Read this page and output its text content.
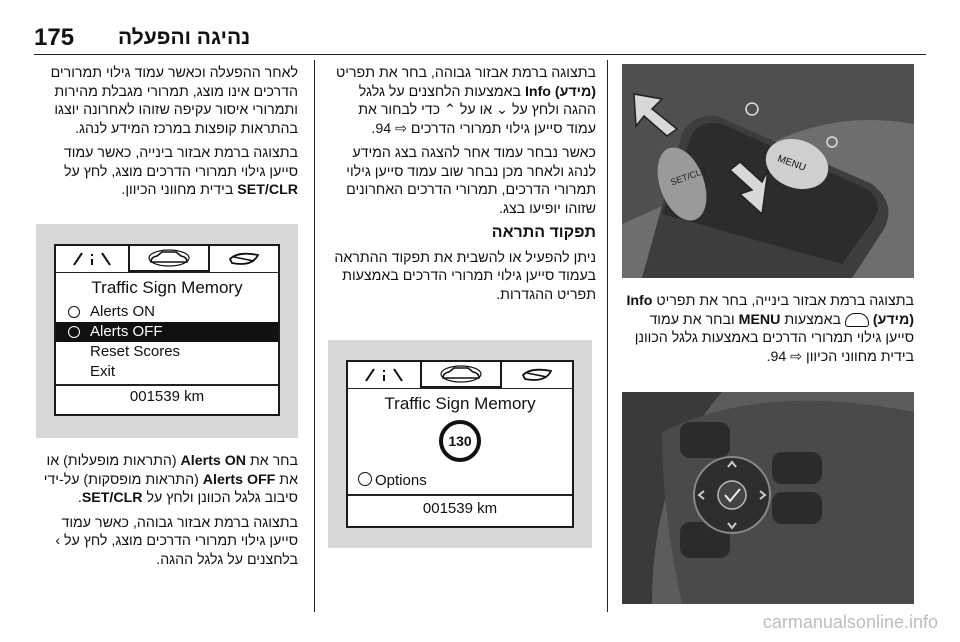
175 נהיגה והפעלה
SET/CLR
MENU

בתצוגה ברמת אבזור בינייה, בחר את תפריט Info (מידע)  באמצעות MENU ובחר את עמוד סייען גילוי תמרורי הדרכים באמצעות גלגל הכוונן בידית מחווני הכיוון ⇨ 94.

בתצוגה ברמת אבזור גבוהה, בחר את תפריט Info (מידע) באמצעות הלחצנים על גלגל ההגה ולחץ על ⌄ או על ⌃ כדי לבחור את עמוד סייען גילוי תמרורי הדרכים ⇨ 94.

כאשר נבחר עמוד אחר להצגה בצג המידע לנהג ולאחר מכן נבחר שוב עמוד סייען גילוי תמרורי הדרכים, תמרורי הדרכים האחרונים שזוהו יופיעו בצג.

תפקוד התראה

ניתן להפעיל או להשבית את תפקוד ההתראה בעמוד סייען גילוי תמרורי הדרכים באמצעות תפריט ההגדרות.

Traffic Sign Memory
130
Options
001539 km

לאחר ההפעלה וכאשר עמוד גילוי תמרורים הדרכים אינו מוצג, תמרורי מגבלת מהירות ותמרורי איסור עקיפה שזוהו לאחרונה יוצגו בהתראות קופצות במרכז המידע לנהג.

בתצוגה ברמת אבזור בינייה, כאשר עמוד סייען גילוי תמרורי הדרכים מוצג, לחץ על SET/CLR בידית מחווני הכיוון.

Traffic Sign Memory
Alerts ON
Alerts OFF
Reset Scores
Exit
001539 km

בחר את Alerts ON (התראות מופעלות) או את Alerts OFF (התראות מופסקות) על-ידי סיבוב גלגל הכוונן ולחץ על SET/CLR.

בתצוגה ברמת אבזור גבוהה, כאשר עמוד סייען גילוי תמרורי הדרכים מוצג, לחץ על › בלחצנים על גלגל ההגה.

carmanualsonline.info
